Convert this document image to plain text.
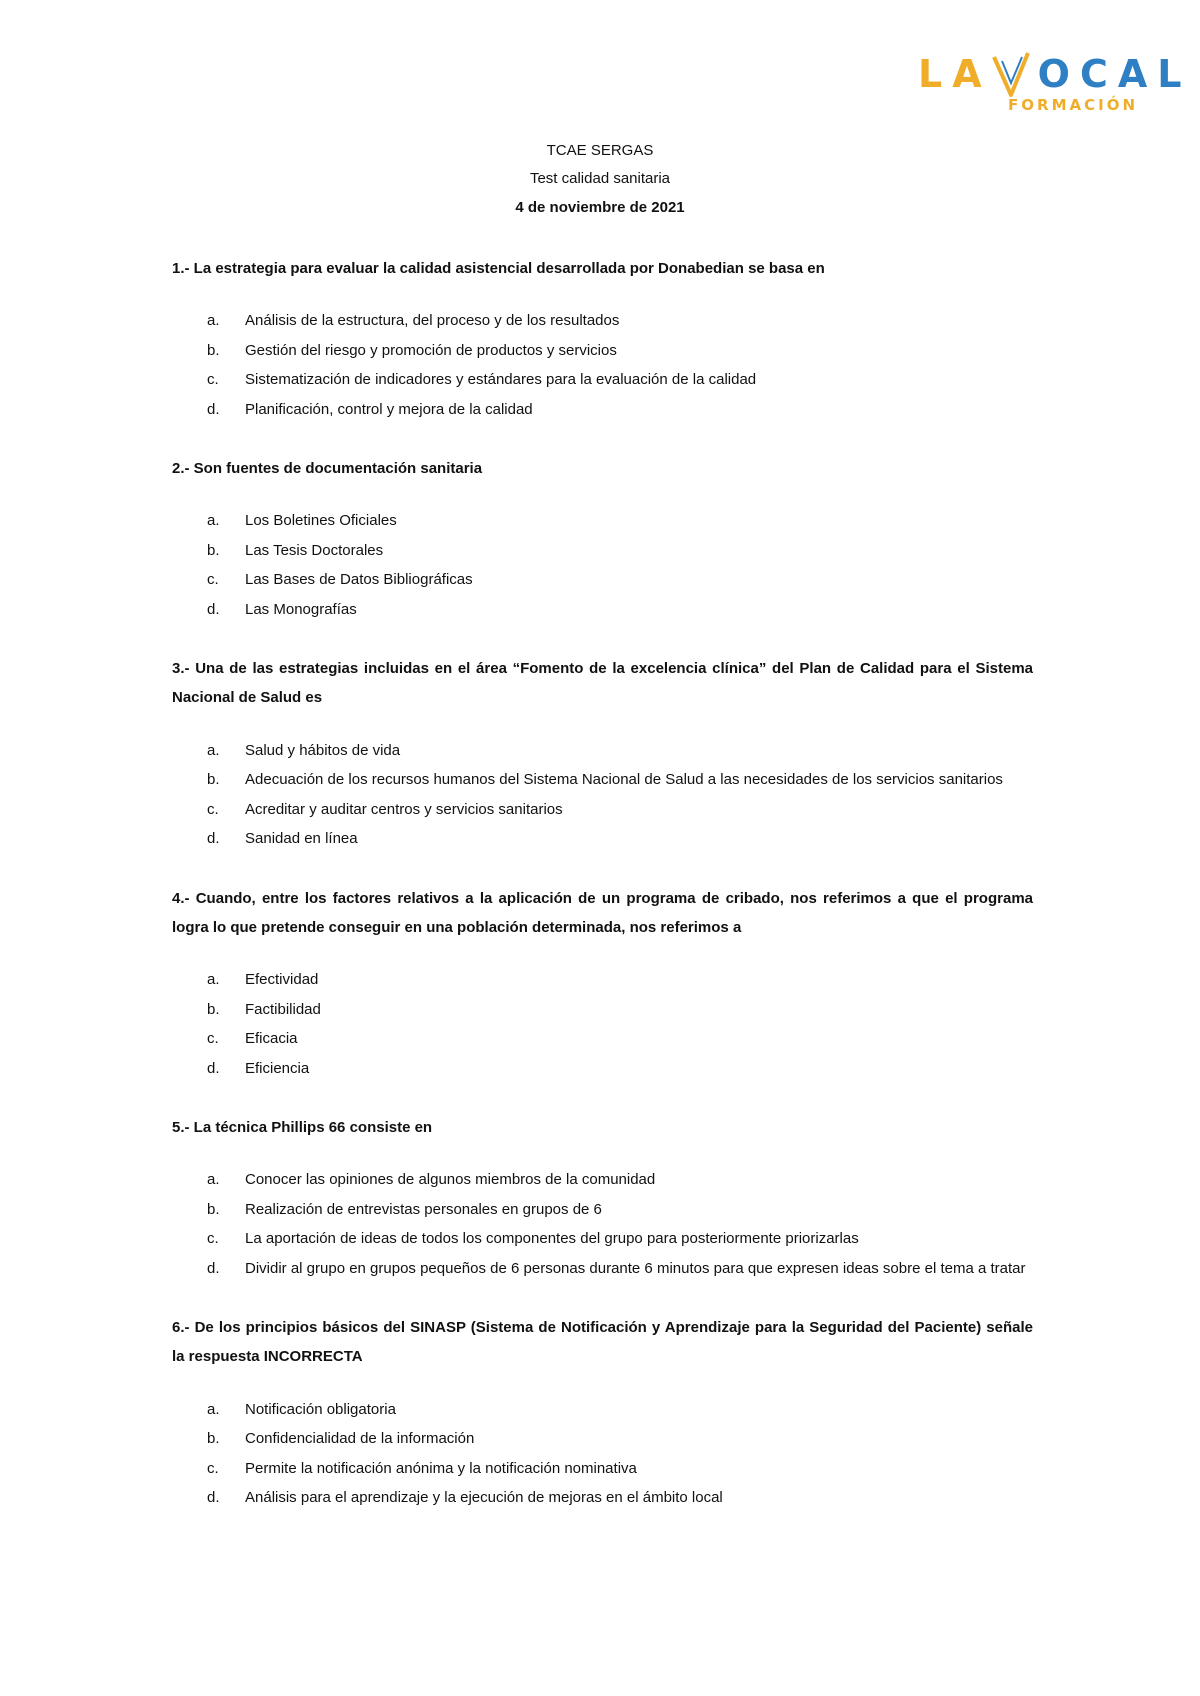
L A OCAL
FORMACIÓN
TCAE SERGAS
Test calidad sanitaria
4 de noviembre de 2021

1.- La estrategia para evaluar la calidad asistencial desarrollada por Donabedian se basa en

a.	Análisis de la estructura, del proceso y de los resultados
b.	Gestión del riesgo y promoción de productos y servicios
c.	Sistematización de indicadores y estándares para la evaluación de la calidad
d.	Planificación, control y mejora de la calidad

2.- Son fuentes de documentación sanitaria

a.	Los Boletines Oficiales
b.	Las Tesis Doctorales
c.	Las Bases de Datos Bibliográficas
d.	Las Monografías

3.- Una de las estrategias incluidas en el área “Fomento de la excelencia clínica” del Plan de Calidad para el Sistema Nacional de Salud es

a.	Salud y hábitos de vida
b.	Adecuación de los recursos humanos del Sistema Nacional de Salud a las necesidades de los servicios sanitarios
c.	Acreditar y auditar centros y servicios sanitarios
d.	Sanidad en línea

4.- Cuando, entre los factores relativos a la aplicación de un programa de cribado, nos referimos a que el programa logra lo que pretende conseguir en una población determinada, nos referimos a

a.	Efectividad
b.	Factibilidad
c.	Eficacia
d.	Eficiencia

5.- La técnica Phillips 66 consiste en

a.	Conocer las opiniones de algunos miembros de la comunidad
b.	Realización de entrevistas personales en grupos de 6
c.	La aportación de ideas de todos los componentes del grupo para posteriormente priorizarlas
d.	Dividir al grupo en grupos pequeños de 6 personas durante 6 minutos para que expresen ideas sobre el tema a tratar

6.- De los principios básicos del SINASP (Sistema de Notificación y Aprendizaje para la Seguridad del Paciente) señale la respuesta INCORRECTA

a.	Notificación obligatoria
b.	Confidencialidad de la información
c.	Permite la notificación anónima y la notificación nominativa
d.	Análisis para el aprendizaje y la ejecución de mejoras en el ámbito local
